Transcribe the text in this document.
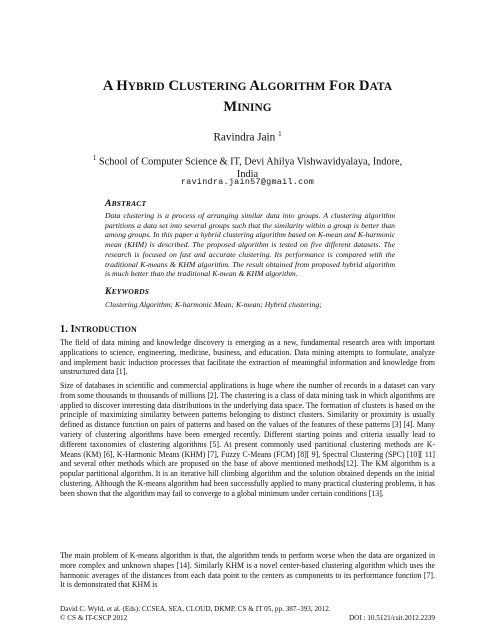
A HYBRID CLUSTERING ALGORITHM FOR DATA
MINING
Ravindra Jain $^1$
$^1$ School of Computer Science & IT, Devi Ahilya Vishwavidyalaya, Indore,
India
ravindra.jain57@gmail.com
ABSTRACT
Data clustering is a process of arranging similar data into groups. A clustering algorithm partitions a data set into several groups such that the similarity within a group is better than among groups. In this paper a hybrid clustering algorithm based on K-mean and K-harmonic mean (KHM) is described. The proposed algorithm is tested on five different datasets. The research is focused on fast and accurate clustering. Its performance is compared with the traditional K-means & KHM algorithm. The result obtained from proposed hybrid algorithm is much better than the traditional K-mean & KHM algorithm.
KEYWORDS
Clustering Algorithm; K-harmonic Mean; K-mean; Hybrid clustering;
1. INTRODUCTION
The field of data mining and knowledge discovery is emerging as a new, fundamental research area with important applications to science, engineering, medicine, business, and education. Data mining attempts to formulate, analyze and implement basic induction processes that facilitate the extraction of meaningful information and knowledge from unstructured data [1].
Size of databases in scientific and commercial applications is huge where the number of records in a dataset can vary from some thousands to thousands of millions [2]. The clustering is a class of data mining task in which algorithms are applied to discover interesting data distributions in the underlying data space. The formation of clusters is based on the principle of maximizing similarity between patterns belonging to distinct clusters. Similarity or proximity is usually defined as distance function on pairs of patterns and based on the values of the features of these patterns [3] [4]. Many variety of clustering algorithms have been emerged recently. Different starting points and criteria usually lead to different taxonomies of clustering algorithms [5]. At present commonly used partitional clustering methods are K-Means (KM) [6], K-Harmonic Means (KHM) [7], Fuzzy C-Means (FCM) [8][ 9], Spectral Clustering (SPC) [10][ 11] and several other methods which are proposed on the base of above mentioned methods[12]. The KM algorithm is a popular partitional algorithm. It is an iterative hill climbing algorithm and the solution obtained depends on the initial clustering. Although the K-means algorithm had been successfully applied to many practical clustering problems, it has been shown that the algorithm may fail to converge to a global minimum under certain conditions [13].
The main problem of K-means algorithm is that, the algorithm tends to perform worse when the data are organized in more complex and unknown shapes [14]. Similarly KHM is a novel center-based clustering algorithm which uses the harmonic averages of the distances from each data point to the centers as components to its performance function [7]. It is demonstrated that KHM is
David C. Wyld, et al. (Eds): CCSEA, SEA, CLOUD, DKMP, CS & IT 05, pp. 387–393, 2012.
© CS & IT-CSCP 2012	DOI : 10.5121/csit.2012.2239
